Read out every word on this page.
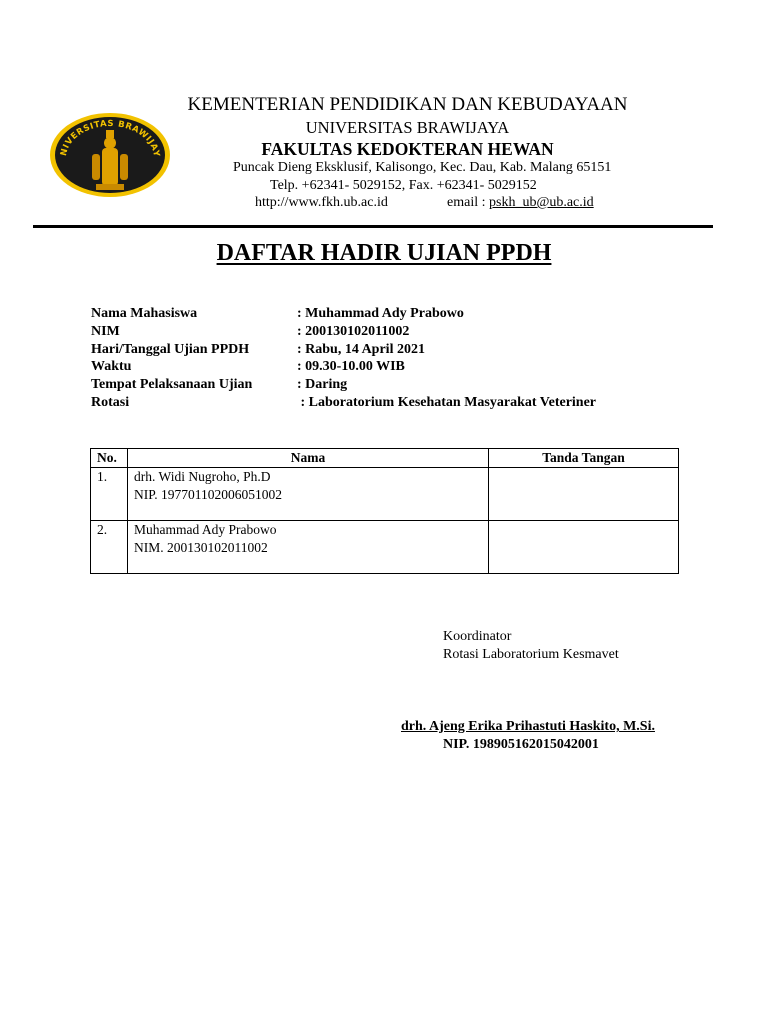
NIVERSITAS BRAWIJAY
KEMENTERIAN PENDIDIKAN DAN KEBUDAYAAN
UNIVERSITAS BRAWIJAYA
FAKULTAS KEDOKTERAN HEWAN
Puncak Dieng Eksklusif, Kalisongo, Kec. Dau, Kab. Malang 65151
Telp. +62341- 5029152, Fax. +62341- 5029152
http://www.fkh.ub.ac.id	email : pskh_ub@ub.ac.id
DAFTAR HADIR UJIAN PPDH
Nama Mahasiswa	: Muhammad Ady Prabowo
NIM	: 200130102011002
Hari/Tanggal Ujian PPDH	: Rabu, 14 April 2021
Waktu	: 09.30-10.00 WIB
Tempat Pelaksanaan Ujian	: Daring
Rotasi	: Laboratorium Kesehatan Masyarakat Veteriner
No.	Nama	Tanda Tangan
1.	drh. Widi Nugroho, Ph.D
NIP. 197701102006051002	

2.	Muhammad Ady Prabowo
NIM. 200130102011002	

Koordinator
Rotasi Laboratorium Kesmavet
drh. Ajeng Erika Prihastuti Haskito, M.Si.
NIP. 198905162015042001
